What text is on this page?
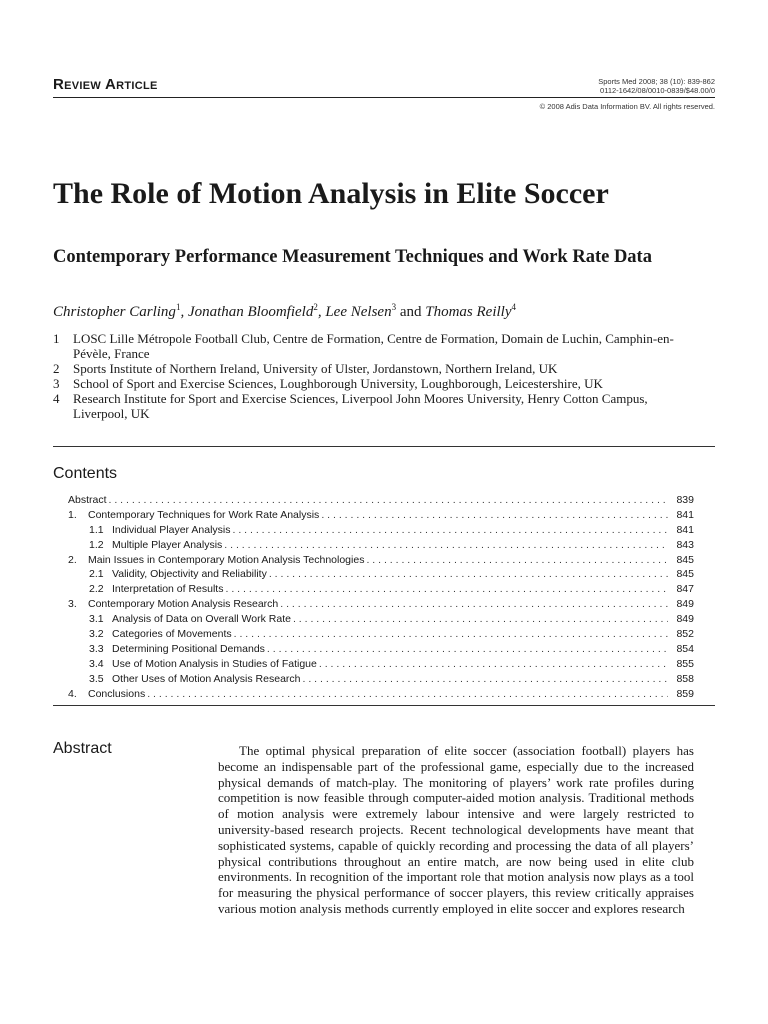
Review Article	Sports Med 2008; 38 (10): 839-862
0112-1642/08/0010-0839/$48.00/0
© 2008 Adis Data Information BV. All rights reserved.
The Role of Motion Analysis in Elite Soccer
Contemporary Performance Measurement Techniques and Work Rate Data
Christopher Carling$^1$, Jonathan Bloomfield$^2$, Lee Nelsen$^3$ and Thomas Reilly$^4$
1 LOSC Lille Métropole Football Club, Centre de Formation, Centre de Formation, Domain de Luchin, Camphin-en-Pévèle, France
2 Sports Institute of Northern Ireland, University of Ulster, Jordanstown, Northern Ireland, UK
3 School of Sport and Exercise Sciences, Loughborough University, Loughborough, Leicestershire, UK
4 Research Institute for Sport and Exercise Sciences, Liverpool John Moores University, Henry Cotton Campus, Liverpool, UK
Contents
Abstract . . .	839
1.	Contemporary Techniques for Work Rate Analysis . . .	841
1.1 Individual Player Analysis . . .	841
1.2 Multiple Player Analysis . . .	843
2.	Main Issues in Contemporary Motion Analysis Technologies . . .	845
2.1 Validity, Objectivity and Reliability . . .	845
2.2 Interpretation of Results . . .	847
3.	Contemporary Motion Analysis Research . . .	849
3.1 Analysis of Data on Overall Work Rate . . .	849
3.2 Categories of Movements . . .	852
3.3 Determining Positional Demands . . .	854
3.4 Use of Motion Analysis in Studies of Fatigue . . .	855
3.5 Other Uses of Motion Analysis Research . . .	858
4.	Conclusions . . .	859
Abstract	The optimal physical preparation of elite soccer (association football) players has become an indispensable part of the professional game, especially due to the increased physical demands of match-play. The monitoring of players’ work rate profiles during competition is now feasible through computer-aided motion analysis. Traditional methods of motion analysis were extremely labour intensive and were largely restricted to university-based research projects. Recent technological developments have meant that sophisticated systems, capable of quickly recording and processing the data of all players’ physical contributions throughout an entire match, are now being used in elite club environments. In recognition of the important role that motion analysis now plays as a tool for measuring the physical performance of soccer players, this review critically appraises various motion analysis methods currently employed in elite soccer and explores research
